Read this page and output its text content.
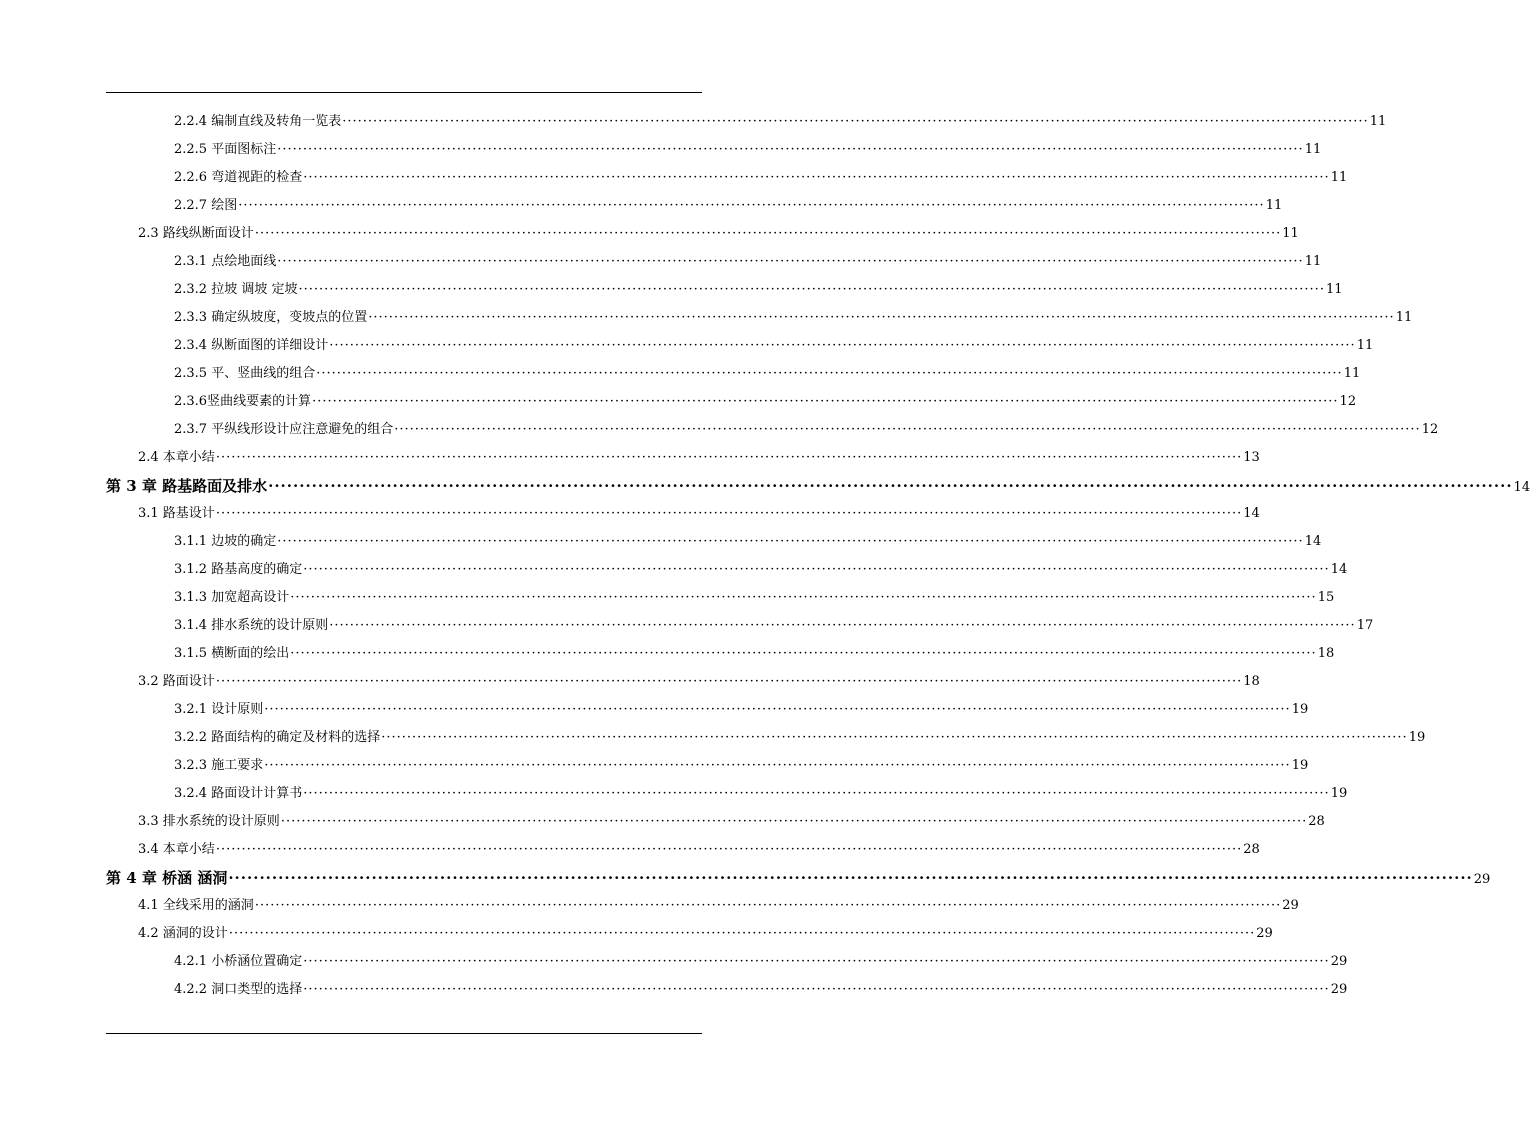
2.2.4 编制直线及转角一览表 ········································································································································································································ 11
2.2.5 平面图标注 ········································································································································································································ 11
2.2.6 弯道视距的检查 ········································································································································································································ 11
2.2.7 绘图 ········································································································································································································ 11
2.3 路线纵断面设计 ········································································································································································································ 11
2.3.1 点绘地面线 ········································································································································································································ 11
2.3.2 拉坡 调坡 定坡 ········································································································································································································ 11
2.3.3 确定纵坡度，变坡点的位置 ········································································································································································································ 11
2.3.4 纵断面图的详细设计 ········································································································································································································ 11
2.3.5 平、竖曲线的组合 ········································································································································································································ 11
2.3.6竖曲线要素的计算 ········································································································································································································ 12
2.3.7 平纵线形设计应注意避免的组合 ········································································································································································································ 12
2.4 本章小结 ········································································································································································································ 13
第 3 章 路基路面及排水 ········································································································································································································ 14
3.1 路基设计 ········································································································································································································ 14
3.1.1 边坡的确定 ········································································································································································································ 14
3.1.2 路基高度的确定 ········································································································································································································ 14
3.1.3 加宽超高设计 ········································································································································································································ 15
3.1.4 排水系统的设计原则 ········································································································································································································ 17
3.1.5 横断面的绘出 ········································································································································································································ 18
3.2 路面设计 ········································································································································································································ 18
3.2.1 设计原则 ········································································································································································································ 19
3.2.2 路面结构的确定及材料的选择 ········································································································································································································ 19
3.2.3 施工要求 ········································································································································································································ 19
3.2.4 路面设计计算书 ········································································································································································································ 19
3.3 排水系统的设计原则 ········································································································································································································ 28
3.4 本章小结 ········································································································································································································ 28
第 4 章 桥涵 涵洞 ········································································································································································································ 29
4.1 全线采用的涵洞 ········································································································································································································ 29
4.2 涵洞的设计 ········································································································································································································ 29
4.2.1 小桥涵位置确定 ········································································································································································································ 29
4.2.2 洞口类型的选择 ········································································································································································································ 29
